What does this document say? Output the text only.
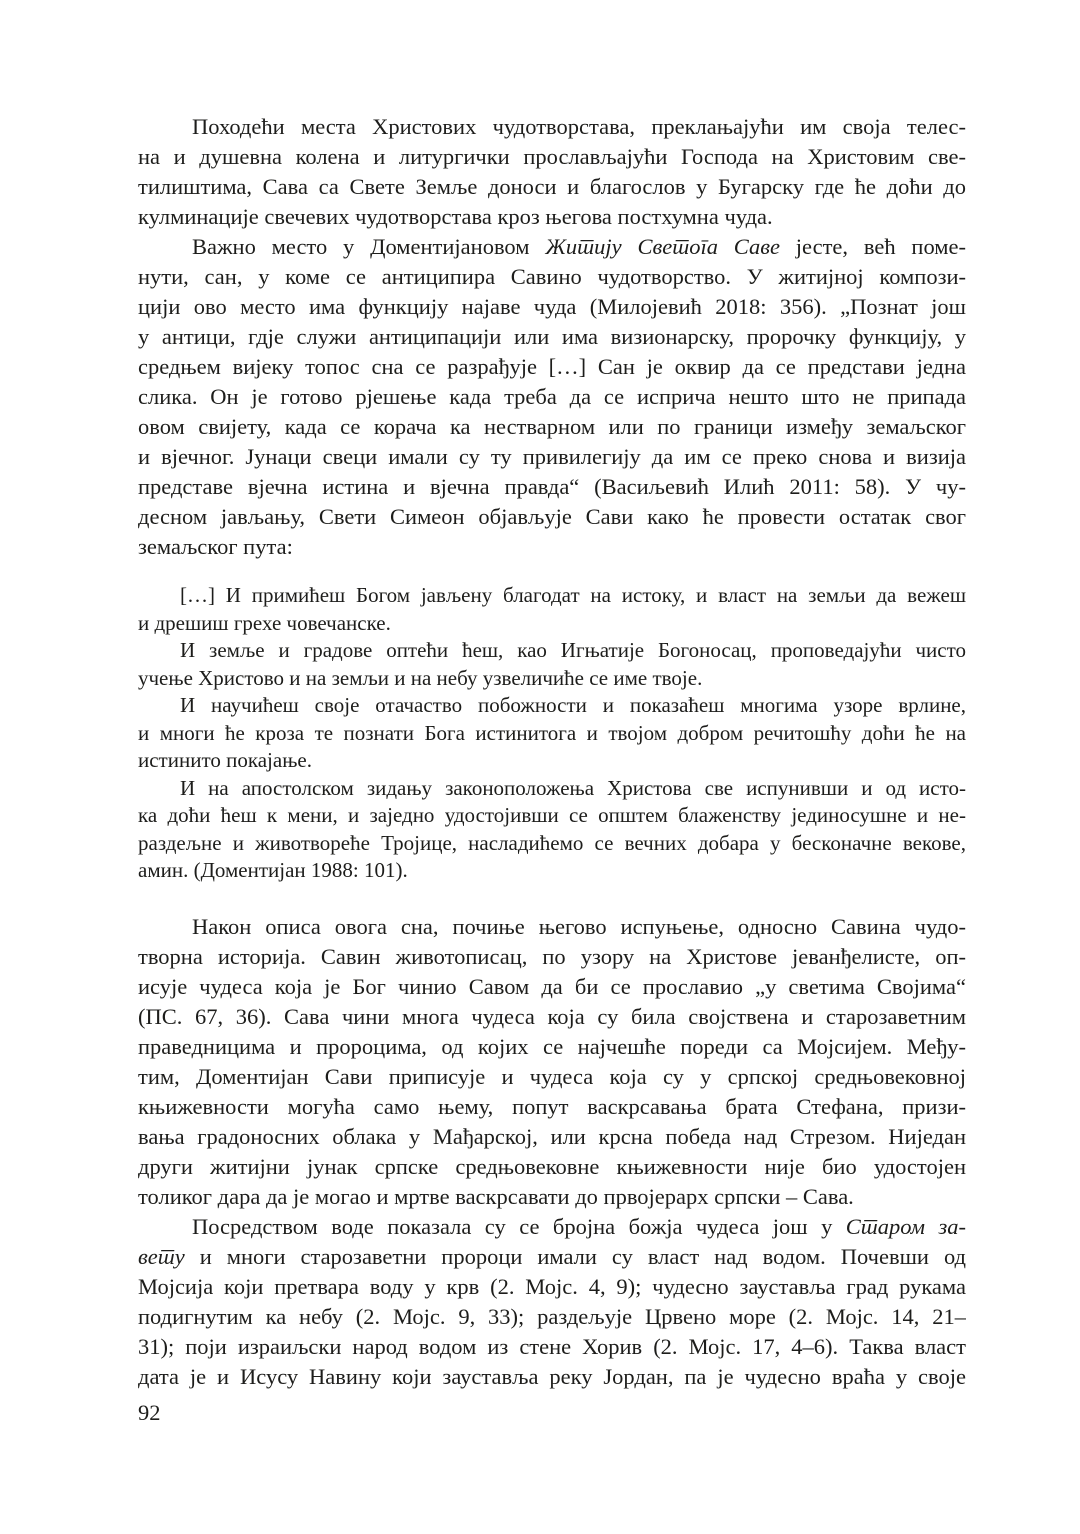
Походећи места Христових чудотворстава, преклањајући им своја телес-
на и душевна колена и литургички прослављајући Господа на Христовим све-
тилиштима, Сава са Свете Земље доноси и благослов у Бугарску где ће доћи до
кулминације свечевих чудотворстава кроз његова постхумна чуда.
Важно место у Доментијановом Житију Светога Саве јесте, већ поме-
нути, сан, у коме се антиципира Савино чудотворство. У житијној компози-
цији ово место има функцију најаве чуда (Милојевић 2018: 356). „Познат још
у антици, гдје служи антиципацији или има визионарску, пророчку функцију, у
средњем вијеку топос сна се разрађује […] Сан је оквир да се представи једна
слика. Он је готово рјешење када треба да се исприча нешто што не припада
овом свијету, када се корача ка нестварном или по граници између земаљског
и вјечног. Јунаци свеци имали су ту привилегију да им се преко снова и визија
представе вјечна истина и вјечна правда“ (Васиљевић Илић 2011: 58). У чу-
десном јављању, Свети Симеон објављује Сави како ће провести остатак свог
земаљског пута:
[…] И примићеш Богом јављену благодат на истоку, и власт на земљи да вежеш
и дрешиш грехе човечанске.
И земље и градове оптећи ћеш, као Игњатије Богоносац, проповедајући чисто
учење Христово и на земљи и на небу узвеличиће се име твоје.
И научићеш своје отачаство побожности и показаћеш многима узоре врлине,
и многи ће кроза те познати Бога истинитога и твојом добром речитошћу доћи ће на
истинито покајање.
И на апостолском зидању законоположења Христова све испунивши и од исто-
ка доћи ћеш к мени, и заједно удостојивши се општем блаженству јединосушне и не-
раздељне и животвореће Тројице, насладићемо се вечних добара у бесконачне векове,
амин. (Доментијан 1988: 101).
Након описа овога сна, почиње његово испуњење, односно Савина чудо-
творна историја. Савин животописац, по узору на Христове јеванђелисте, оп-
исује чудеса која је Бог чинио Савом да би се прославио „у светима Својима“
(ПС. 67, 36). Сава чини многа чудеса која су била својствена и старозаветним
праведницима и пророцима, од којих се најчешће пореди са Мојсијем. Међу-
тим, Доментијан Сави приписује и чудеса која су у српској средњовековној
књижевности могућа само њему, попут васкрсавања брата Стефана, призи-
вања градоносних облака у Мађарској, или крсна победа над Стрезом. Ниједан
други житијни јунак српске средњовековне књижевности није био удостојен
толиког дара да је могао и мртве васкрсавати до првојерарх српски – Сава.
Посредством воде показала су се бројна божја чудеса још у Старом за-
вету и многи старозаветни пророци имали су власт над водом. Почевши од
Мојсија који претвара воду у крв (2. Мојс. 4, 9); чудесно зауставља град рукама
подигнутим ка небу (2. Мојс. 9, 33); раздељује Црвено море (2. Мојс. 14, 21–
31); поји израиљски народ водом из стене Хорив (2. Мојс. 17, 4–6). Таква власт
дата је и Исусу Навину који зауставља реку Јордан, па је чудесно враћа у своје
92
